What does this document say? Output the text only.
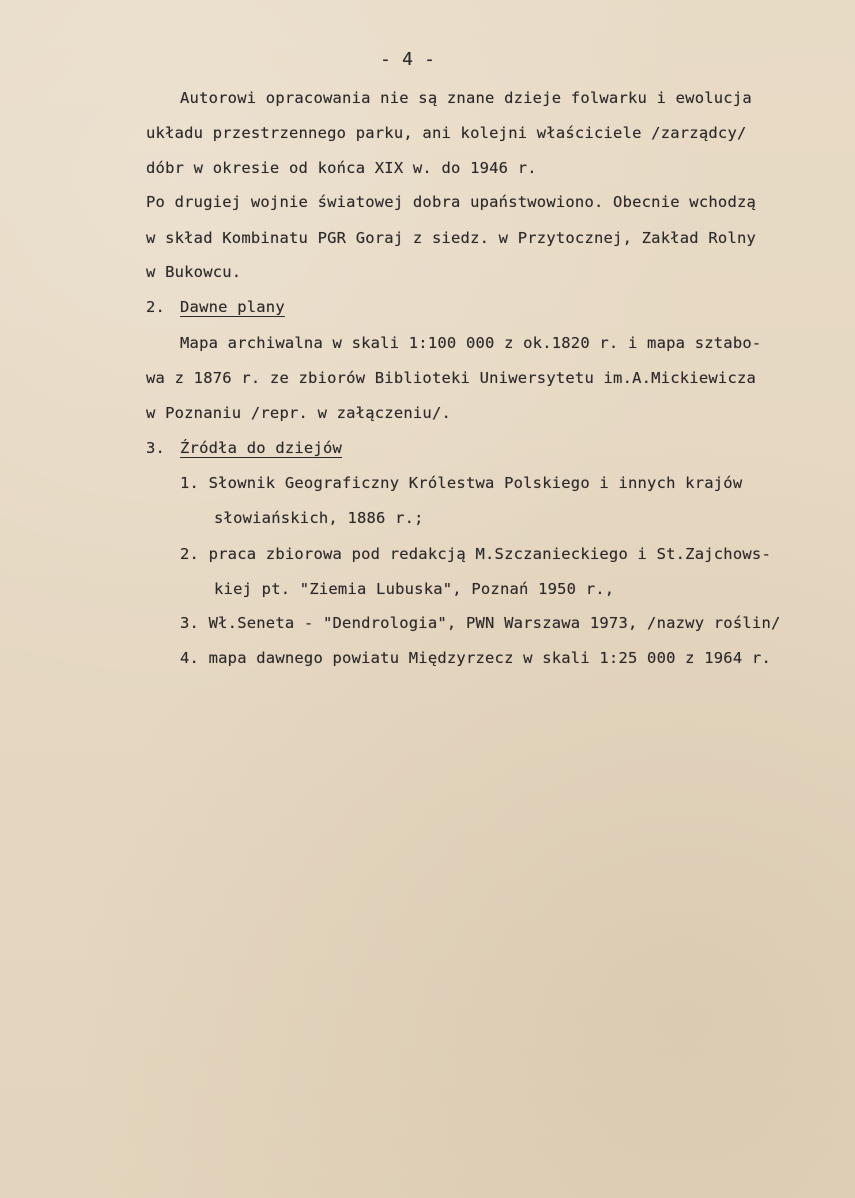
- 4 -
Autorowi opracowania nie są znane dzieje folwarku i ewolucja
układu przestrzennego parku, ani kolejni właściciele /zarządcy/
dóbr w okresie od końca XIX w. do 1946 r.
Po drugiej wojnie światowej dobra upaństwowiono. Obecnie wchodzą
w skład Kombinatu PGR Goraj z siedz. w Przytocznej, Zakład Rolny
w Bukowcu.
2. Dawne plany
Mapa archiwalna w skali 1:100 000 z ok.1820 r. i mapa sztabo-
wa z 1876 r. ze zbiorów Biblioteki Uniwersytetu im.A.Mickiewicza
w Poznaniu /repr. w załączeniu/.
3. Źródła do dziejów
1. Słownik Geograficzny Królestwa Polskiego i innych krajów
słowiańskich, 1886 r.;
2. praca zbiorowa pod redakcją M.Szczanieckiego i St.Zajchows-
kiej pt. "Ziemia Lubuska", Poznań 1950 r.,
3. Wł.Seneta - "Dendrologia", PWN Warszawa 1973, /nazwy roślin/
4. mapa dawnego powiatu Międzyrzecz w skali 1:25 000 z 1964 r.
